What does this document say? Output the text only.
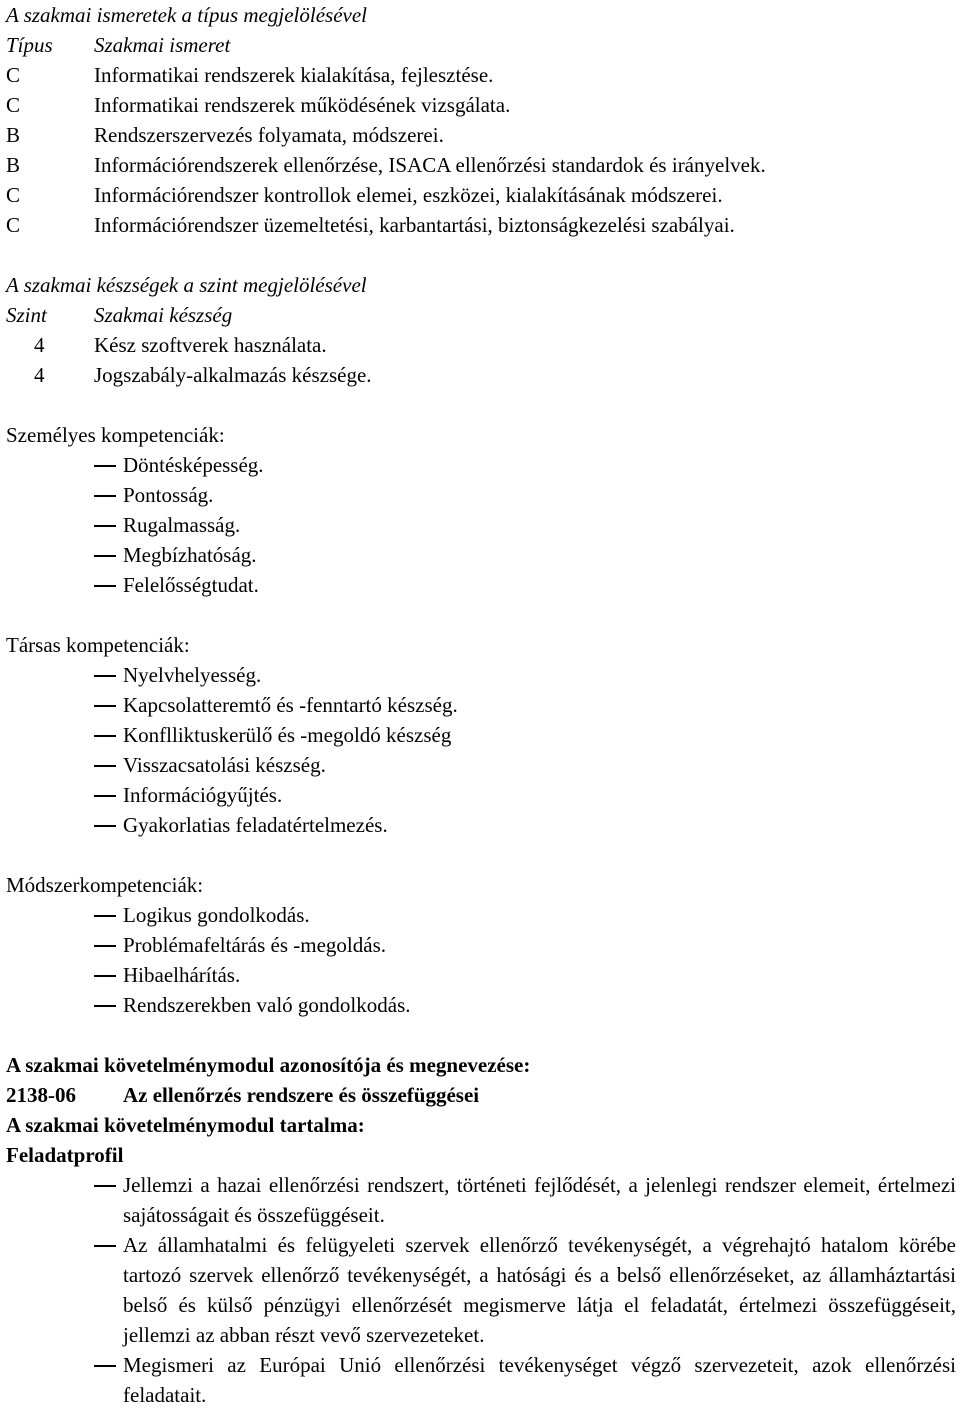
A szakmai ismeretek a típus megjelölésével
Típus	Szakmai ismeret
C	Informatikai rendszerek kialakítása, fejlesztése.
C	Informatikai rendszerek működésének vizsgálata.
B	Rendszerszervezés folyamata, módszerei.
B	Információrendszerek ellenőrzése, ISACA ellenőrzési standardok és irányelvek.
C	Információrendszer kontrollok elemei, eszközei, kialakításának módszerei.
C	Információrendszer üzemeltetési, karbantartási, biztonságkezelési szabályai.
A szakmai készségek a szint megjelölésével
Szint	Szakmai készség
4	Kész szoftverek használata.
4	Jogszabály-alkalmazás készsége.
Személyes kompetenciák:
Döntésképesség.
Pontosság.
Rugalmasság.
Megbízhatóság.
Felelősségtudat.
Társas kompetenciák:
Nyelvhelyesség.
Kapcsolatteremtő és -fenntartó készség.
Konflliktuskerülő és -megoldó készség
Visszacsatolási készség.
Információgyűjtés.
Gyakorlatias feladatértelmezés.
Módszerkompetenciák:
Logikus gondolkodás.
Problémafeltárás és -megoldás.
Hibaelhárítás.
Rendszerekben való gondolkodás.
A szakmai követelménymodul azonosítója és megnevezése:
2138-06	Az ellenőrzés rendszere és összefüggései
A szakmai követelménymodul tartalma:
Feladatprofil
Jellemzi a hazai ellenőrzési rendszert, történeti fejlődését, a jelenlegi rendszer elemeit, értelmezi sajátosságait és összefüggéseit.
Az államhatalmi és felügyeleti szervek ellenőrző tevékenységét, a végrehajtó hatalom körébe tartozó szervek ellenőrző tevékenységét, a hatósági és a belső ellenőrzéseket, az államháztartási belső és külső pénzügyi ellenőrzését megismerve látja el feladatát, értelmezi összefüggéseit, jellemzi az abban részt vevő szervezeteket.
Megismeri az Európai Unió ellenőrzési tevékenységet végző szervezeteit, azok ellenőrzési feladatait.
